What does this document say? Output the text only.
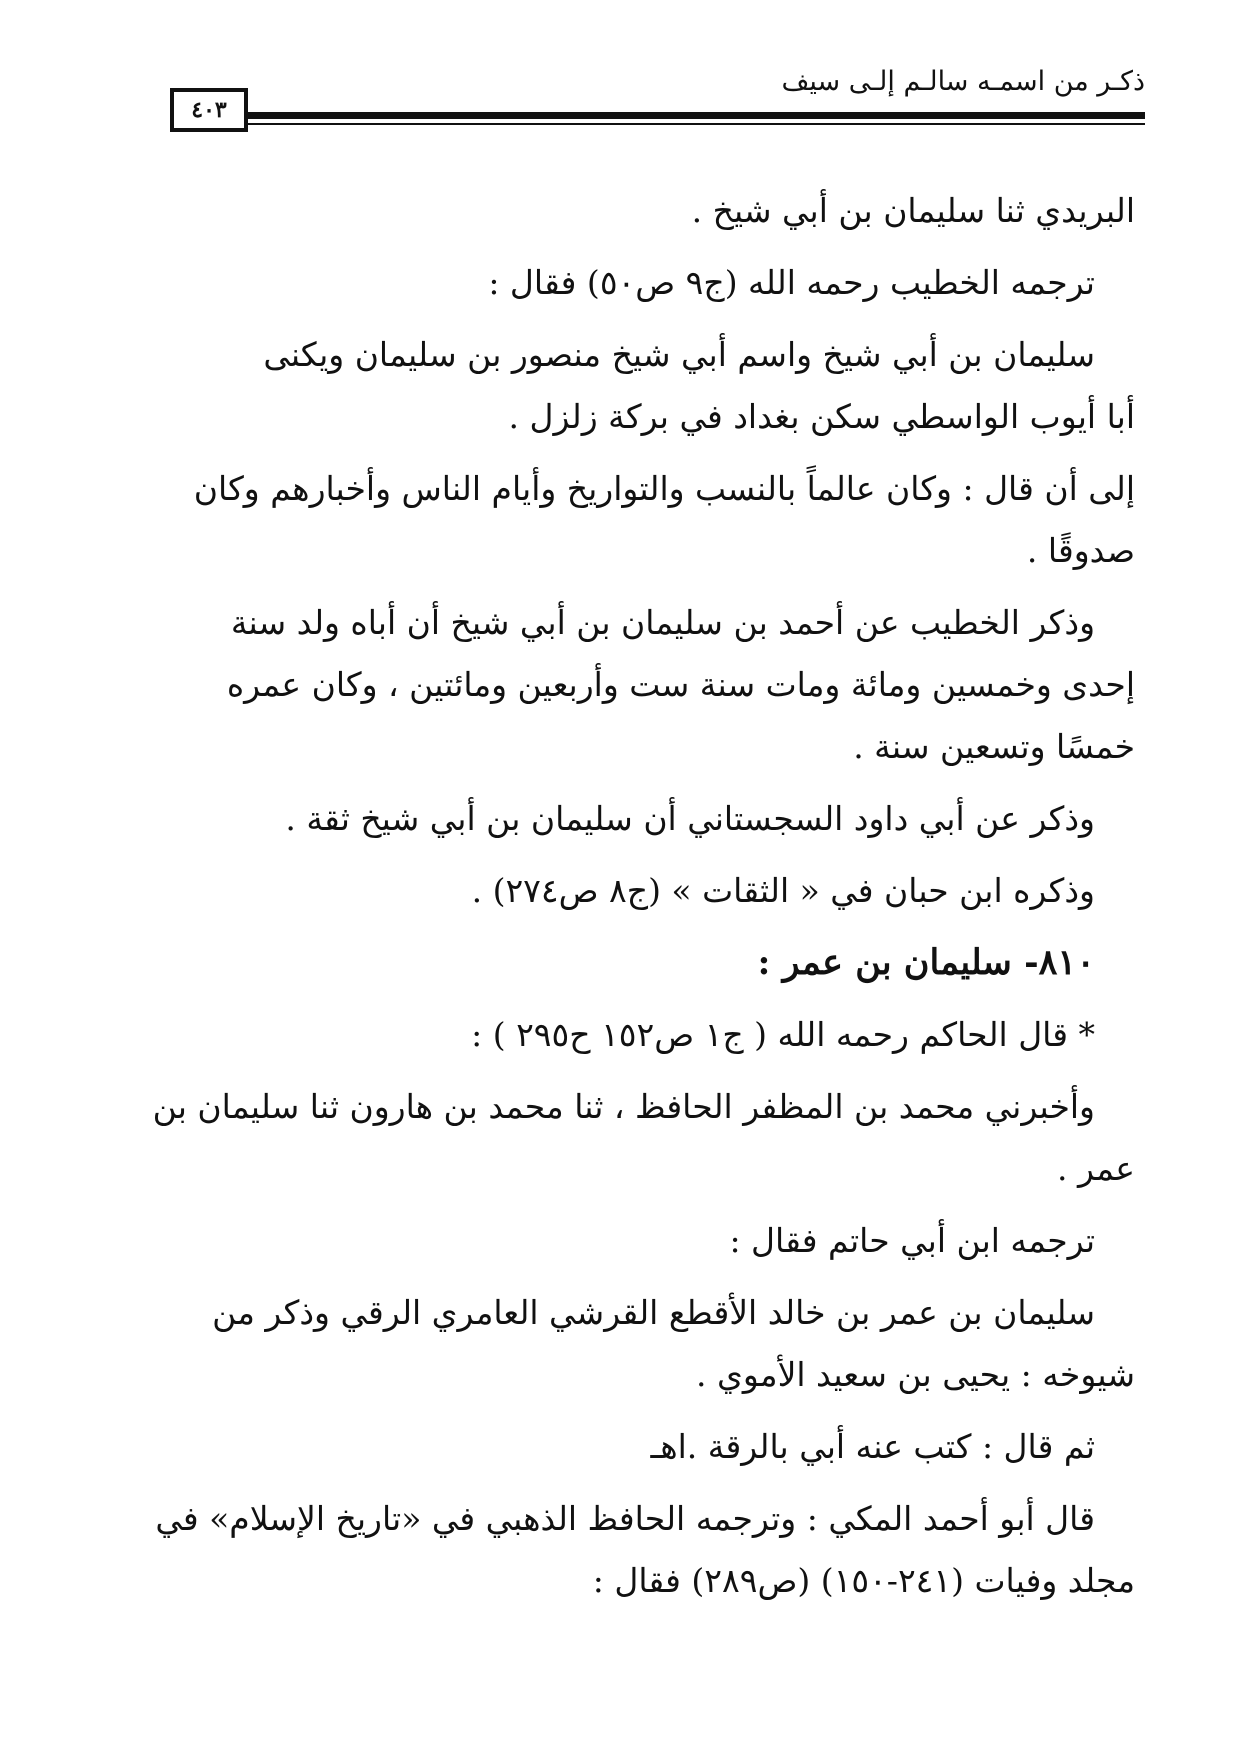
٤٠٣
ذكـر من اسمـه سالـم إلـى سيف

البريدي ثنا سليمان بن أبي شيخ .

ترجمه الخطيب رحمه الله (ج٩ ص٥٠) فقال :

سليمان بن أبي شيخ واسم أبي شيخ منصور بن سليمان ويكنى
أبا أيوب الواسطي سكن بغداد في بركة زلزل .

إلى أن قال : وكان عالماً بالنسب والتواريخ وأيام الناس وأخبارهم وكان
صدوقًا .

وذكر الخطيب عن أحمد بن سليمان بن أبي شيخ أن أباه ولد سنة
إحدى وخمسين ومائة ومات سنة ست وأربعين ومائتين ، وكان عمره
خمسًا وتسعين سنة .

وذكر عن أبي داود السجستاني أن سليمان بن أبي شيخ ثقة .

وذكره ابن حبان في « الثقات » (ج٨ ص٢٧٤) .

٨١٠- سليمان بن عمر :

* قال الحاكم رحمه الله ( ج١ ص١٥٢ ح٢٩٥ ) :

وأخبرني محمد بن المظفر الحافظ ، ثنا محمد بن هارون ثنا سليمان بن
عمر .

ترجمه ابن أبي حاتم فقال :

سليمان بن عمر بن خالد الأقطع القرشي العامري الرقي وذكر من
شيوخه : يحيى بن سعيد الأموي .

ثم قال : كتب عنه أبي بالرقة .اهـ

قال أبو أحمد المكي : وترجمه الحافظ الذهبي في «تاريخ الإسلام» في
مجلد وفيات (٢٤١-١٥٠) (ص٢٨٩) فقال :
